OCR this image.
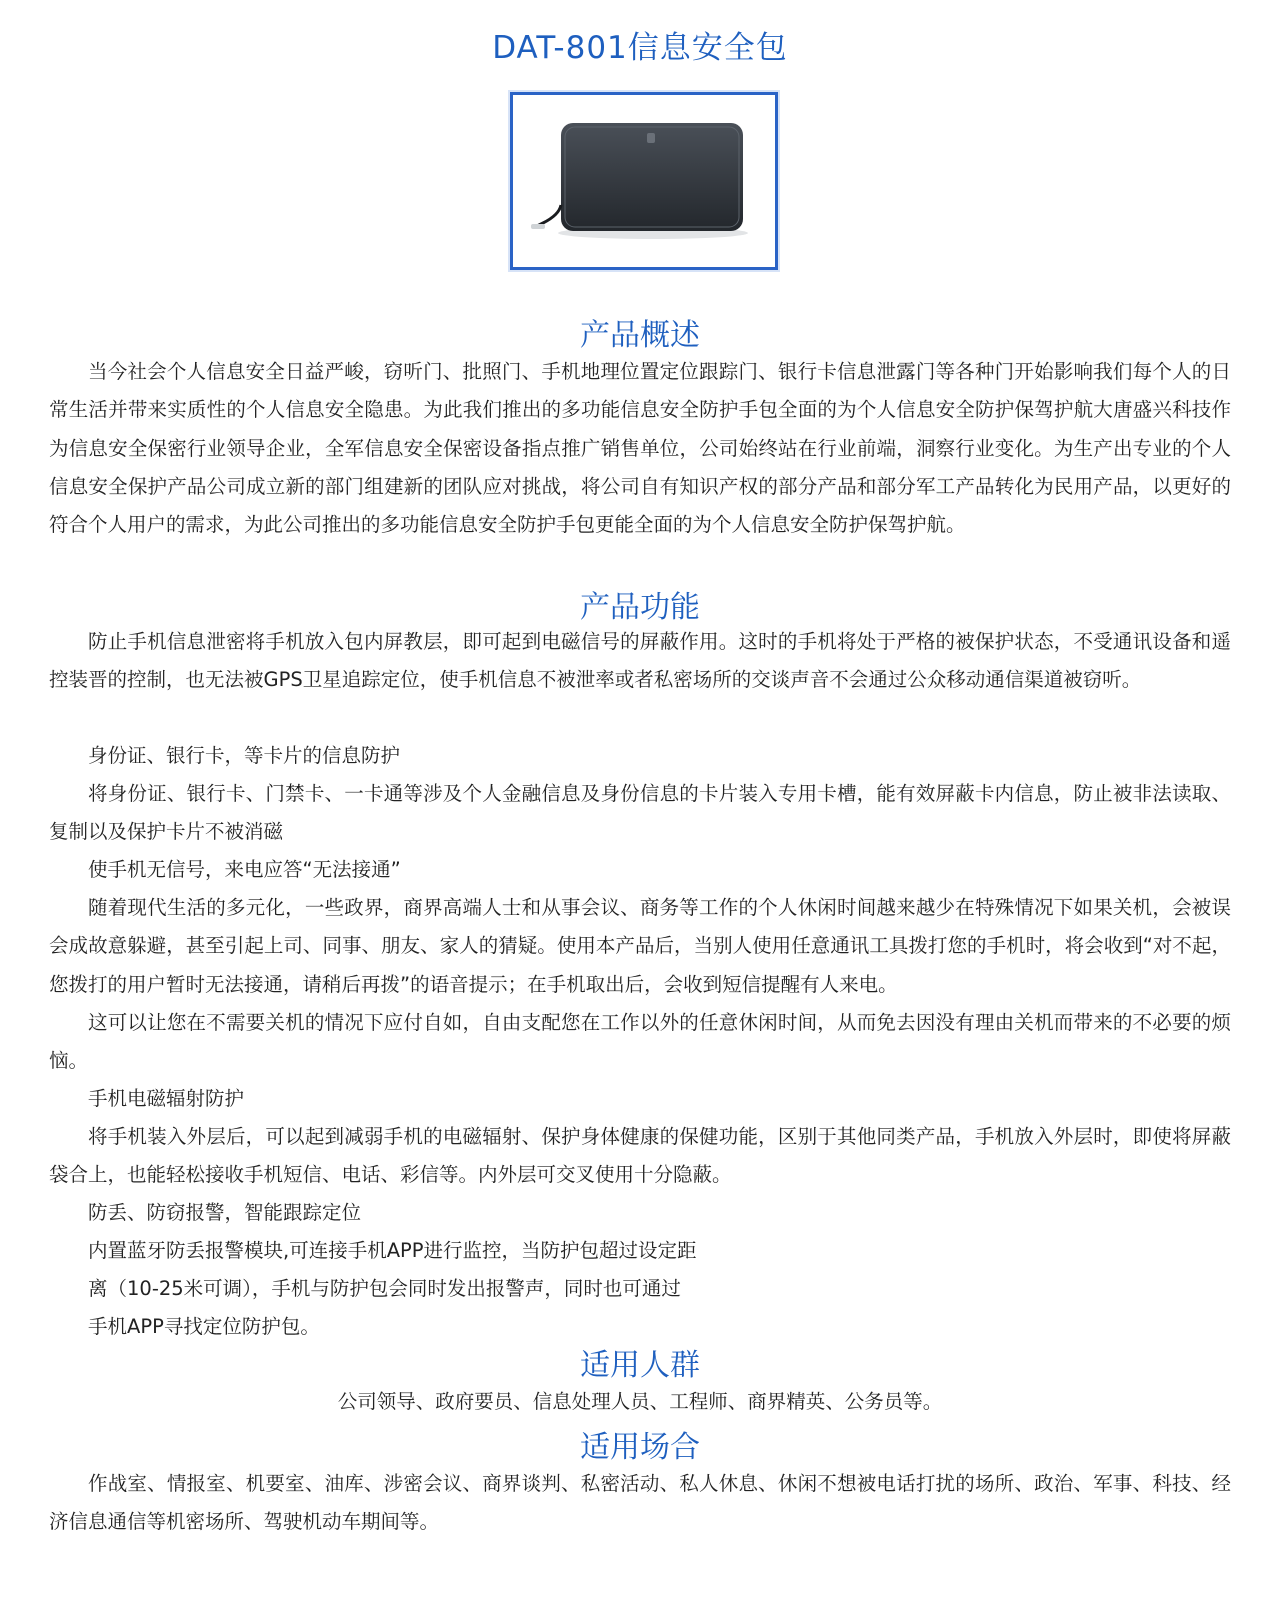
DAT-801信息安全包
产品概述

当今社会个人信息安全日益严峻，窃听门、批照门、手机地理位置定位跟踪门、银行卡信息泄露门等各种门开始影响我们每个人的日常生活并带来实质性的个人信息安全隐患。为此我们推出的多功能信息安全防护手包全面的为个人信息安全防护保驾护航大唐盛兴科技作为信息安全保密行业领导企业，全军信息安全保密设备指点推广销售单位，公司始终站在行业前端，洞察行业变化。为生产出专业的个人信息安全保护产品公司成立新的部门组建新的团队应对挑战，将公司自有知识产权的部分产品和部分军工产品转化为民用产品，以更好的符合个人用户的需求，为此公司推出的多功能信息安全防护手包更能全面的为个人信息安全防护保驾护航。

产品功能

防止手机信息泄密将手机放入包内屏教层，即可起到电磁信号的屏蔽作用。这时的手机将处于严格的被保护状态，不受通讯设备和遥控装晋的控制，也无法被GPS卫星追踪定位，使手机信息不被泄率或者私密场所的交谈声音不会通过公众移动通信渠道被窃听。

身份证、银行卡，等卡片的信息防护

将身份证、银行卡、门禁卡、一卡通等涉及个人金融信息及身份信息的卡片装入专用卡槽，能有效屏蔽卡内信息，防止被非法读取、复制以及保护卡片不被消磁

使手机无信号，来电应答“无法接通”

随着现代生活的多元化，一些政界，商界高端人士和从事会议、商务等工作的个人休闲时间越来越少在特殊情况下如果关机，会被误会成故意躲避，甚至引起上司、同事、朋友、家人的猜疑。使用本产品后，当别人使用任意通讯工具拨打您的手机时，将会收到“对不起，您拨打的用户暂时无法接通，请稍后再拨”的语音提示；在手机取出后，会收到短信提醒有人来电。

这可以让您在不需要关机的情况下应付自如，自由支配您在工作以外的任意休闲时间，从而免去因没有理由关机而带来的不必要的烦恼。

手机电磁辐射防护

将手机装入外层后，可以起到减弱手机的电磁辐射、保护身体健康的保健功能，区别于其他同类产品，手机放入外层时，即使将屏蔽袋合上，也能轻松接收手机短信、电话、彩信等。内外层可交叉使用十分隐蔽。

防丢、防窃报警，智能跟踪定位

内置蓝牙防丢报警模块,可连接手机APP进行监控，当防护包超过设定距

离（10-25米可调），手机与防护包会同时发出报警声，同时也可通过

手机APP寻找定位防护包。

适用人群
公司领导、政府要员、信息处理人员、工程师、商界精英、公务员等。
适用场合

作战室、情报室、机要室、油库、涉密会议、商界谈判、私密活动、私人休息、休闲不想被电话打扰的场所、政治、军事、科技、经济信息通信等机密场所、驾驶机动车期间等。
